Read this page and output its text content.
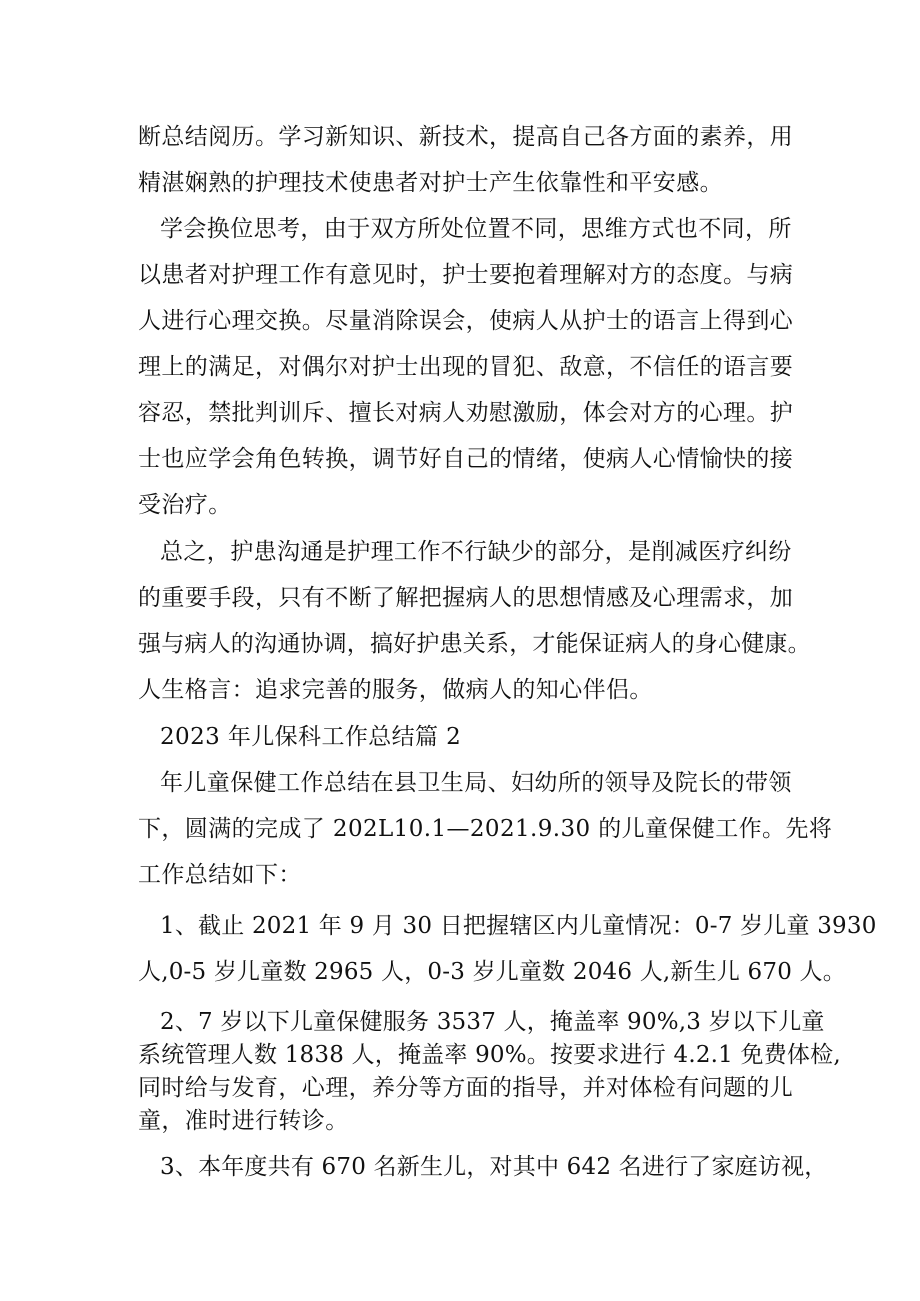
断总结阅历。学习新知识、新技术，提高自己各方面的素养，用
精湛娴熟的护理技术使患者对护士产生依靠性和平安感。
学会换位思考，由于双方所处位置不同，思维方式也不同，所
以患者对护理工作有意见时，护士要抱着理解对方的态度。与病
人进行心理交换。尽量消除误会，使病人从护士的语言上得到心
理上的满足，对偶尔对护士出现的冒犯、敌意，不信任的语言要
容忍，禁批判训斥、擅长对病人劝慰激励，体会对方的心理。护
士也应学会角色转换，调节好自己的情绪，使病人心情愉快的接
受治疗。
总之，护患沟通是护理工作不行缺少的部分，是削减医疗纠纷
的重要手段，只有不断了解把握病人的思想情感及心理需求，加
强与病人的沟通协调，搞好护患关系，才能保证病人的身心健康。
人生格言：追求完善的服务，做病人的知心伴侣。
2023 年儿保科工作总结篇 2
年儿童保健工作总结在县卫生局、妇幼所的领导及院长的带领
下，圆满的完成了 202L10.1—2021.9.30 的儿童保健工作。先将
工作总结如下：
1、截止 2021 年 9 月 30 日把握辖区内儿童情况：0-7 岁儿童 3930
人,0-5 岁儿童数 2965 人，0-3 岁儿童数 2046 人,新生儿 670 人。
2、7 岁以下儿童保健服务 3537 人，掩盖率 90%,3 岁以下儿童
系统管理人数 1838 人，掩盖率 90%。按要求进行 4.2.1 免费体检,
同时给与发育，心理，养分等方面的指导，并对体检有问题的儿
童，准时进行转诊。
3、本年度共有 670 名新生儿，对其中 642 名进行了家庭访视，
